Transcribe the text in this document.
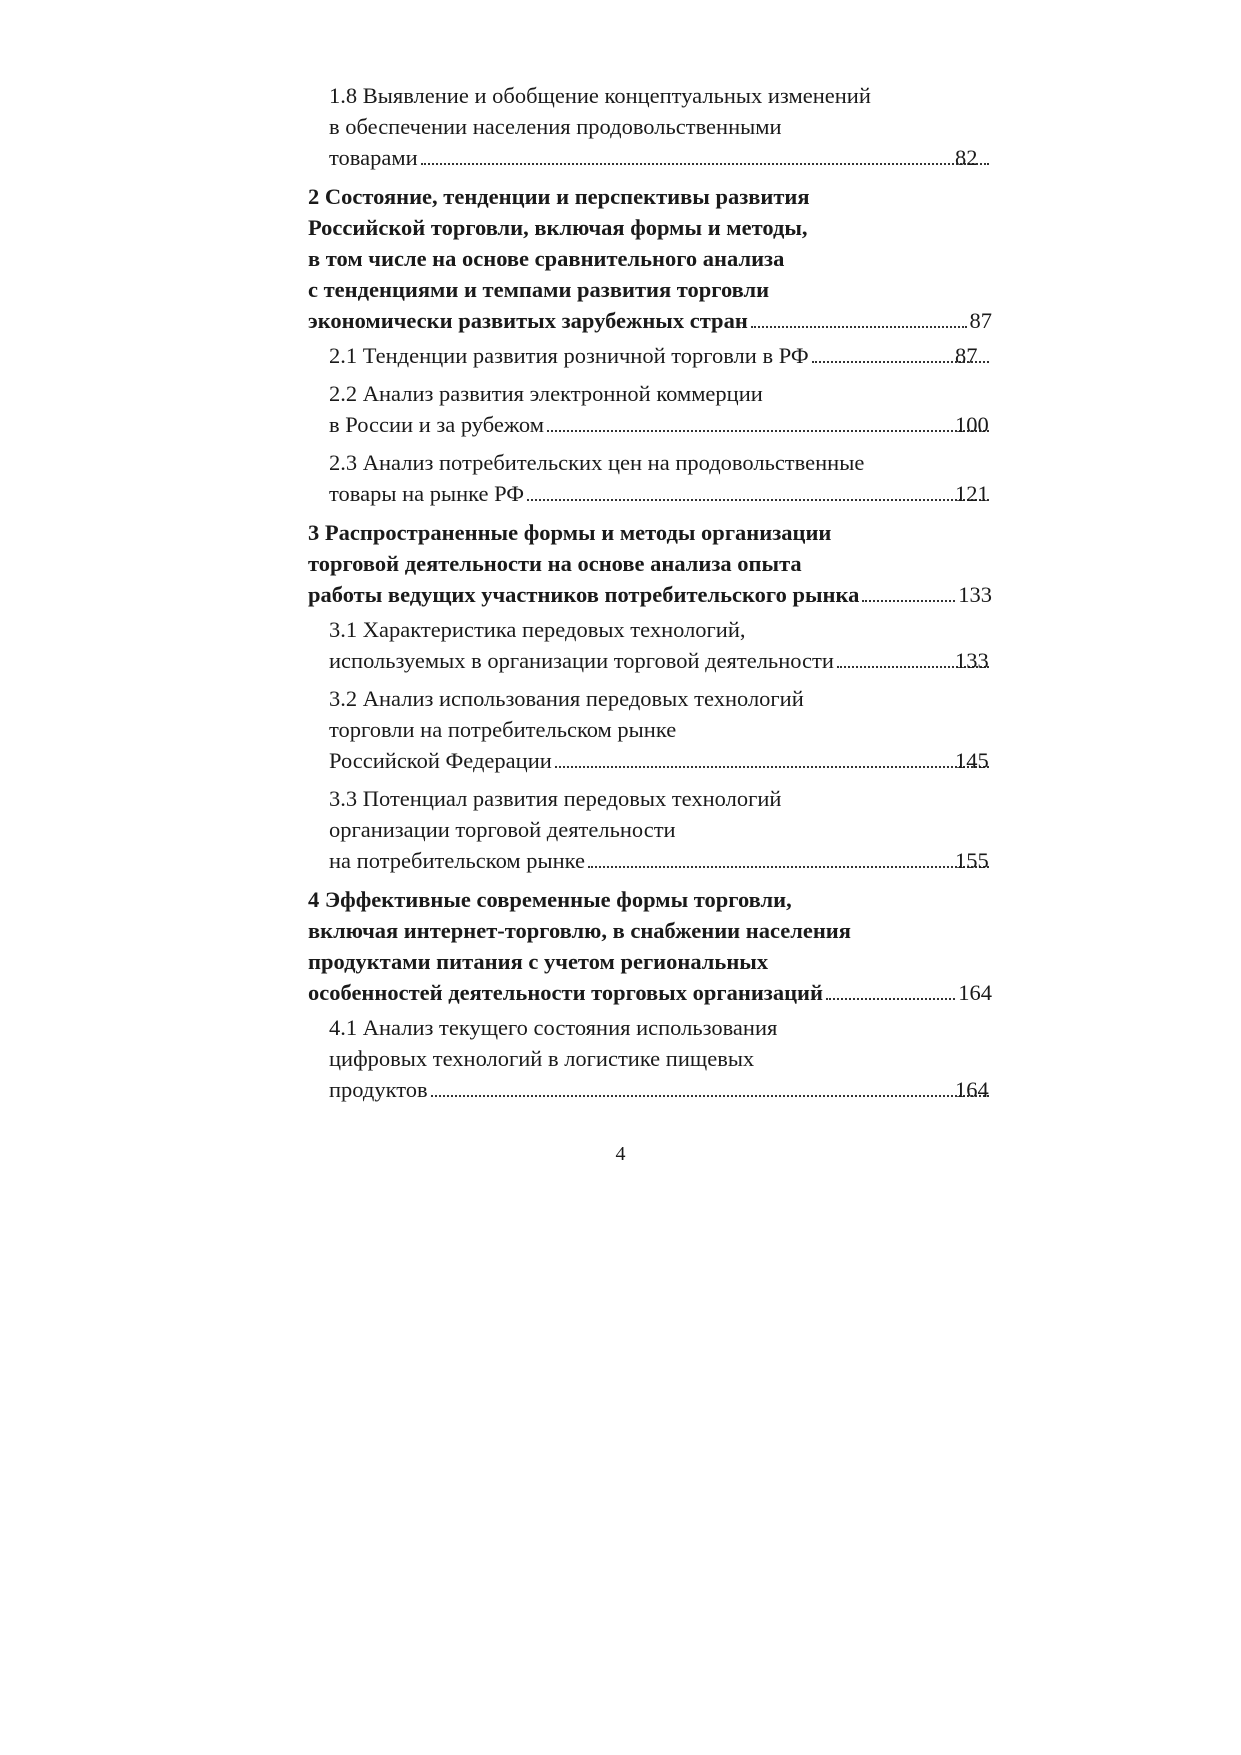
1.8 Выявление и обобщение концептуальных изменений
в обеспечении населения продовольственными
товарами	82
2 Состояние, тенденции и перспективы развития
Российской торговли, включая формы и методы,
в том числе на основе сравнительного анализа
с тенденциями и темпами развития торговли
экономически развитых зарубежных стран	87
2.1 Тенденции развития розничной торговли в РФ	87
2.2 Анализ развития электронной коммерции
в России и за рубежом	100
2.3 Анализ потребительских цен на продовольственные
товары на рынке РФ	121
3 Распространенные формы и методы организации
торговой деятельности на основе анализа опыта
работы ведущих участников потребительского рынка	133
3.1 Характеристика передовых технологий,
используемых в организации торговой деятельности	133
3.2 Анализ использования передовых технологий
торговли на потребительском рынке
Российской Федерации	145
3.3 Потенциал развития передовых технологий
организации торговой деятельности
на потребительском рынке	155
4 Эффективные современные формы торговли,
включая интернет-торговлю, в снабжении населения
продуктами питания с учетом региональных
особенностей деятельности торговых организаций	164
4.1 Анализ текущего состояния использования
цифровых технологий в логистике пищевых
продуктов	164
4
